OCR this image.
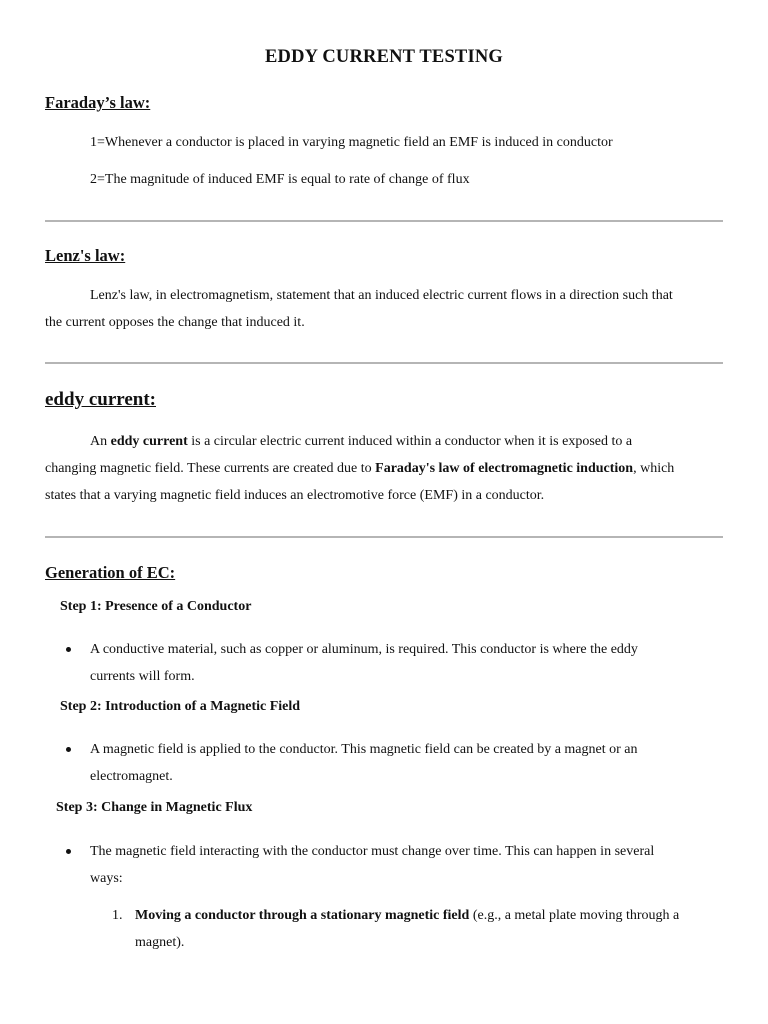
EDDY CURRENT TESTING
Faraday’s law:
1=Whenever a conductor is placed in varying magnetic field an EMF is induced in conductor
2=The magnitude of induced EMF is equal to rate of change of flux
Lenz's law:
Lenz's law, in electromagnetism, statement that an induced electric current flows in a direction such that
the current opposes the change that induced it.
eddy current:
An eddy current is a circular electric current induced within a conductor when it is exposed to a
changing magnetic field. These currents are created due to Faraday's law of electromagnetic induction, which
states that a varying magnetic field induces an electromotive force (EMF) in a conductor.
Generation of EC:
Step 1: Presence of a Conductor
A conductive material, such as copper or aluminum, is required. This conductor is where the eddy
currents will form.
Step 2: Introduction of a Magnetic Field
A magnetic field is applied to the conductor. This magnetic field can be created by a magnet or an
electromagnet.
Step 3: Change in Magnetic Flux
The magnetic field interacting with the conductor must change over time. This can happen in several
ways:
1. Moving a conductor through a stationary magnetic field (e.g., a metal plate moving through a
magnet).
